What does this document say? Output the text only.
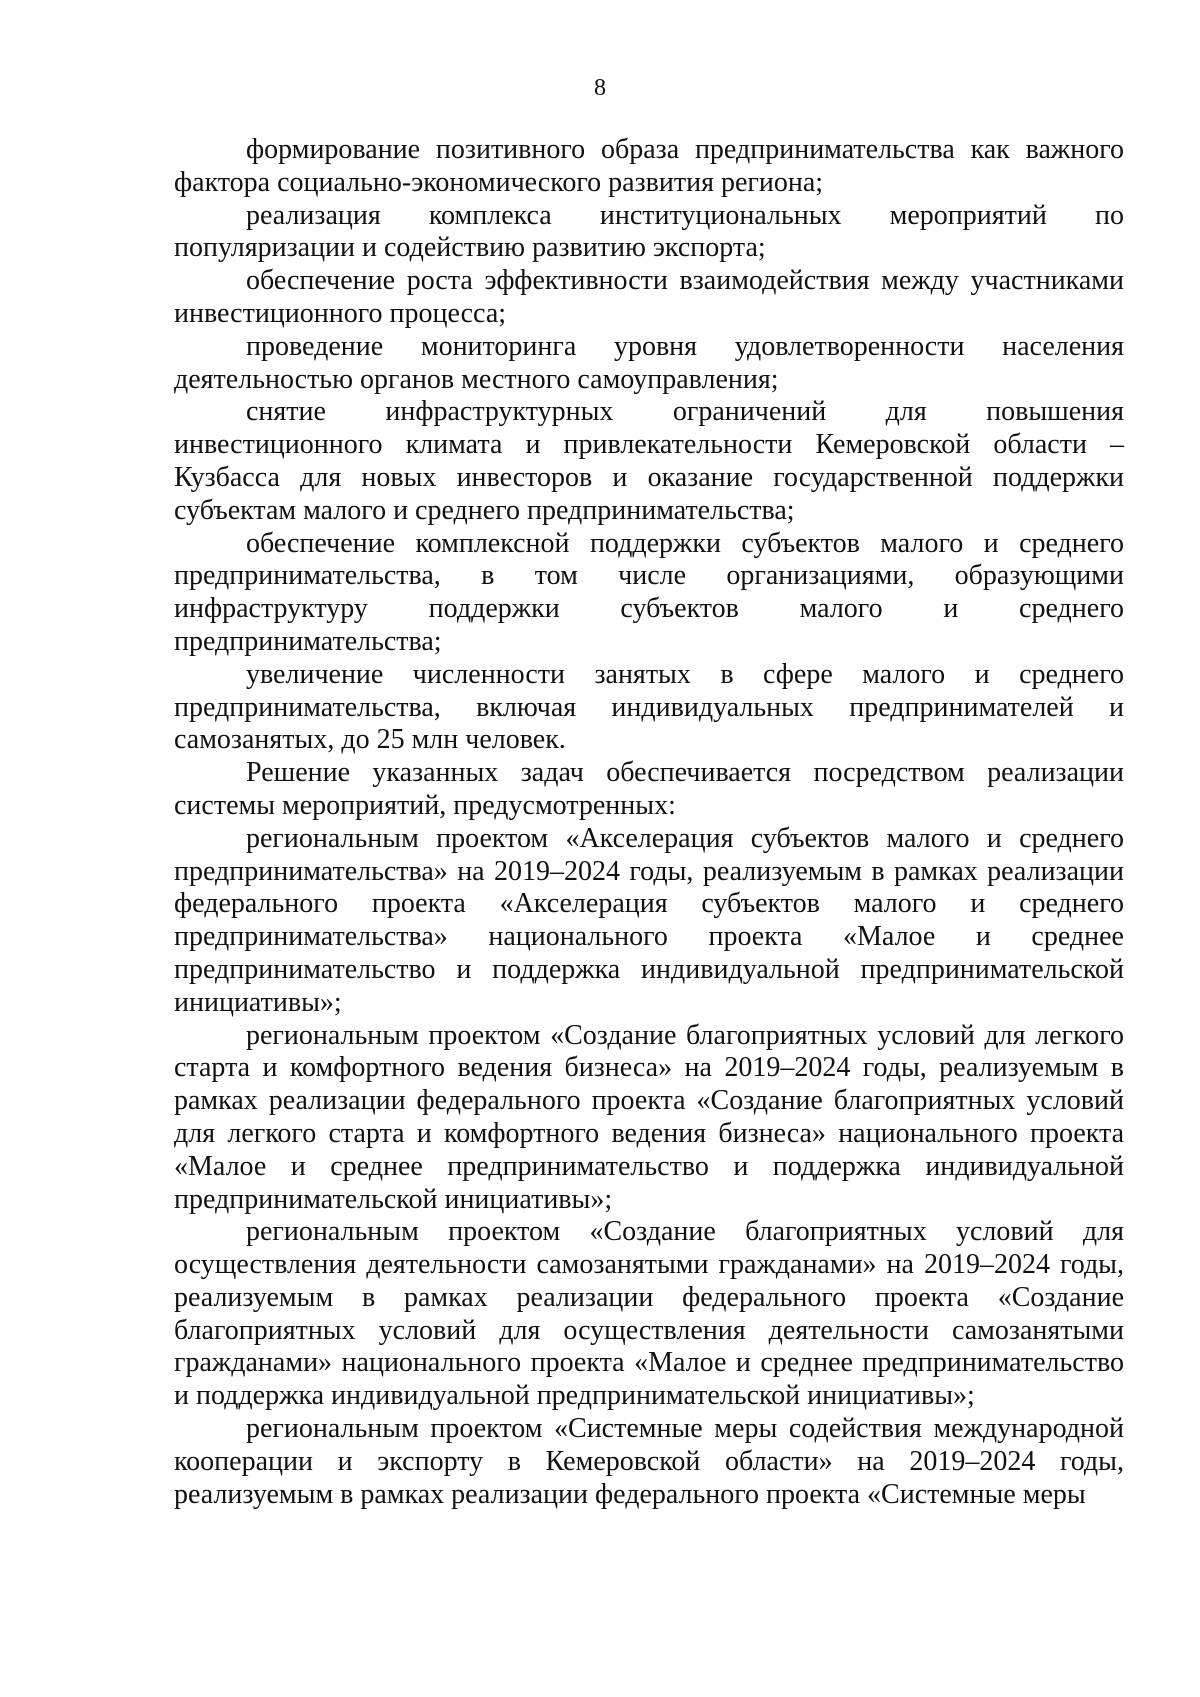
8

формирование позитивного образа предпринимательства как важного фактора социально-экономического развития региона;

реализация комплекса институциональных мероприятий по популяризации и содействию развитию экспорта;

обеспечение роста эффективности взаимодействия между участниками инвестиционного процесса;

проведение мониторинга уровня удовлетворенности населения деятельностью органов местного самоуправления;

снятие инфраструктурных ограничений для повышения инвестиционного климата и привлекательности Кемеровской области – Кузбасса для новых инвесторов и оказание государственной поддержки субъектам малого и среднего предпринимательства;

обеспечение комплексной поддержки субъектов малого и среднего предпринимательства, в том числе организациями, образующими инфраструктуру поддержки субъектов малого и среднего предпринимательства;

увеличение численности занятых в сфере малого и среднего предпринимательства, включая индивидуальных предпринимателей и самозанятых, до 25 млн человек.

Решение указанных задач обеспечивается посредством реализации системы мероприятий, предусмотренных:

региональным проектом «Акселерация субъектов малого и среднего предпринимательства» на 2019–2024 годы, реализуемым в рамках реализации федерального проекта «Акселерация субъектов малого и среднего предпринимательства» национального проекта «Малое и среднее предпринимательство и поддержка индивидуальной предпринимательской инициативы»;

региональным проектом «Создание благоприятных условий для легкого старта и комфортного ведения бизнеса» на 2019–2024 годы, реализуемым в рамках реализации федерального проекта «Создание благоприятных условий для легкого старта и комфортного ведения бизнеса» национального проекта «Малое и среднее предпринимательство и поддержка индивидуальной предпринимательской инициативы»;

региональным проектом «Создание благоприятных условий для осуществления деятельности самозанятыми гражданами» на 2019–2024 годы, реализуемым в рамках реализации федерального проекта «Создание благоприятных условий для осуществления деятельности самозанятыми гражданами» национального проекта «Малое и среднее предпринимательство и поддержка индивидуальной предпринимательской инициативы»;

региональным проектом «Системные меры содействия международной кооперации и экспорту в Кемеровской области» на 2019–2024 годы, реализуемым в рамках реализации федерального проекта «Системные меры
